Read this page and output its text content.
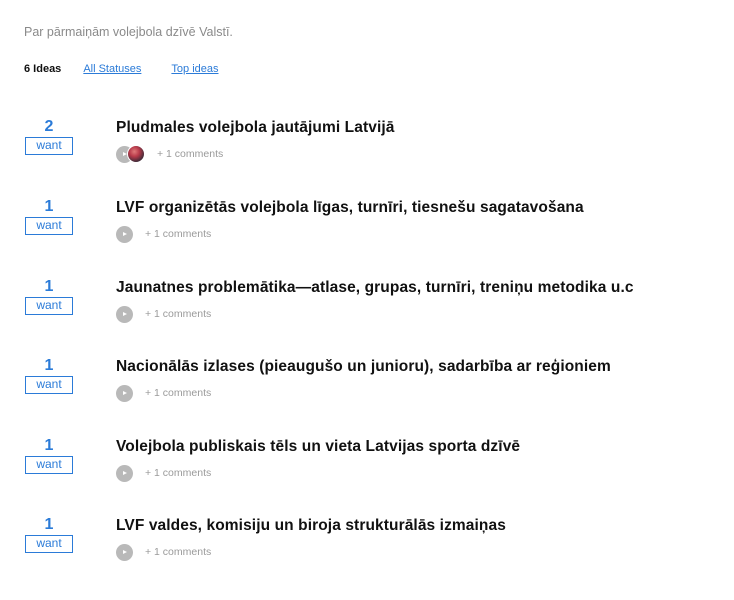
Par pārmaiņām volejbola dzīvē Valstī.
6 Ideas All Statuses	Top ideas
2
want
Pludmales volejbola jautājumi Latvijā
+ 1 comments
1
want
LVF organizētās volejbola līgas, turnīri, tiesnešu sagatavošana
+ 1 comments
1
want
Jaunatnes problemātika—atlase, grupas, turnīri, treniņu metodika u.c
+ 1 comments
1
want
Nacionālās izlases (pieaugušo un junioru), sadarbība ar reģioniem
+ 1 comments
1
want
Volejbola publiskais tēls un vieta Latvijas sporta dzīvē
+ 1 comments
1
want
LVF valdes, komisiju un biroja strukturālās izmaiņas
+ 1 comments
